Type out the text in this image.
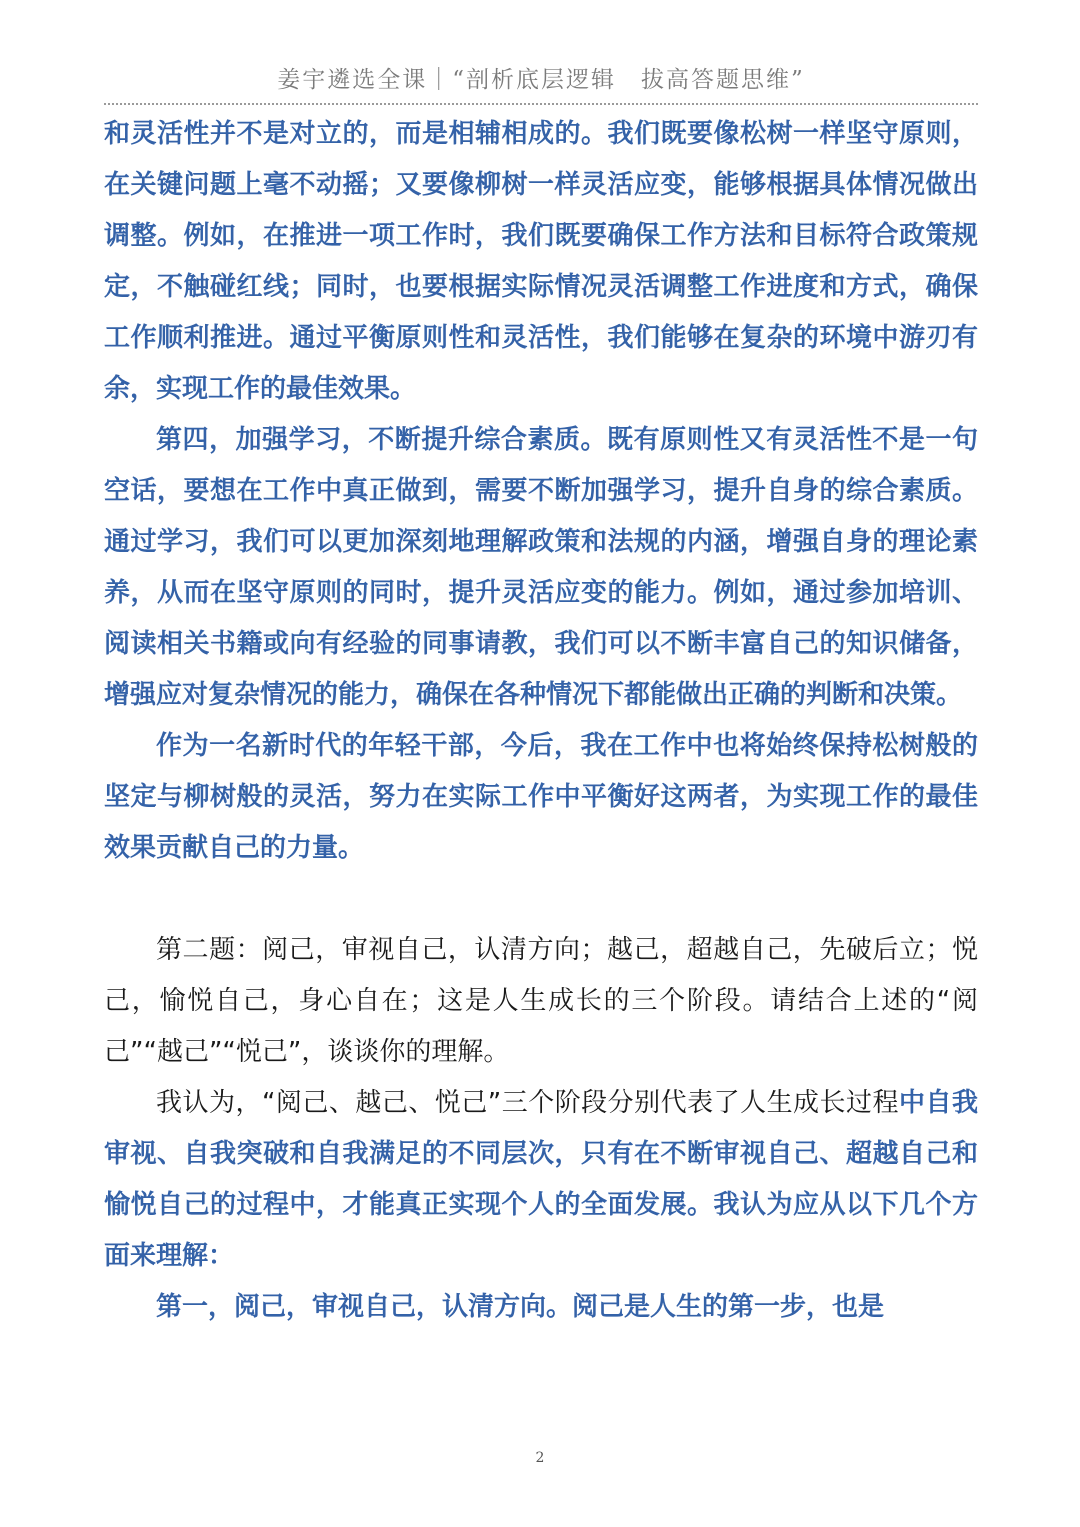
姜宇遴选全课｜“剖析底层逻辑　拔高答题思维”

和灵活性并不是对立的，而是相辅相成的。我们既要像松树一样坚守原则，在关键问题上毫不动摇；又要像柳树一样灵活应变，能够根据具体情况做出调整。例如，在推进一项工作时，我们既要确保工作方法和目标符合政策规定，不触碰红线；同时，也要根据实际情况灵活调整工作进度和方式，确保工作顺利推进。通过平衡原则性和灵活性，我们能够在复杂的环境中游刃有余，实现工作的最佳效果。

第四，加强学习，不断提升综合素质。既有原则性又有灵活性不是一句空话，要想在工作中真正做到，需要不断加强学习，提升自身的综合素质。通过学习，我们可以更加深刻地理解政策和法规的内涵，增强自身的理论素养，从而在坚守原则的同时，提升灵活应变的能力。例如，通过参加培训、阅读相关书籍或向有经验的同事请教，我们可以不断丰富自己的知识储备，增强应对复杂情况的能力，确保在各种情况下都能做出正确的判断和决策。

作为一名新时代的年轻干部，今后，我在工作中也将始终保持松树般的坚定与柳树般的灵活，努力在实际工作中平衡好这两者，为实现工作的最佳效果贡献自己的力量。

第二题：阅己，审视自己，认清方向；越己，超越自己，先破后立；悦己，愉悦自己，身心自在；这是人生成长的三个阶段。请结合上述的“阅己”“越己”“悦己”，谈谈你的理解。

我认为，“阅己、越己、悦己”三个阶段分别代表了人生成长过程中自我审视、自我突破和自我满足的不同层次，只有在不断审视自己、超越自己和愉悦自己的过程中，才能真正实现个人的全面发展。我认为应从以下几个方面来理解：

第一，阅己，审视自己，认清方向。阅己是人生的第一步，也是

2
